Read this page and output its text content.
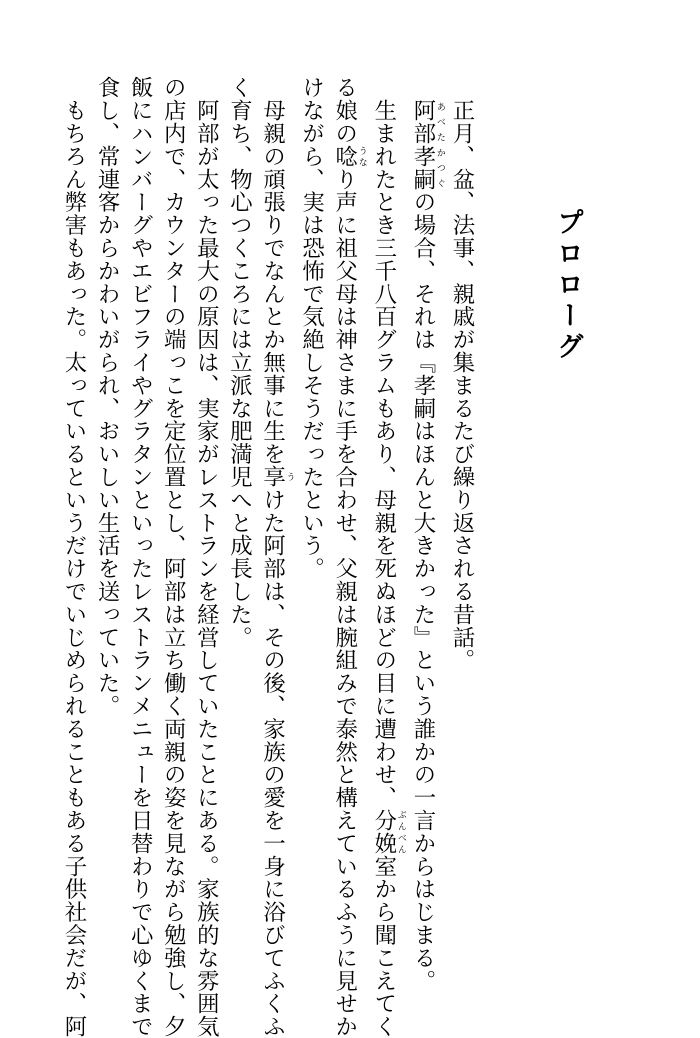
プロローグ

　正月、盆、法事、親戚が集まるたび繰り返される昔話。

　阿部孝嗣 あべたかつぐの場合、それは『孝嗣はほんと大きかった』という誰かの一言からはじまる。

　生まれたとき三千八百グラムもあり、母親を死ぬほどの目に遭わせ、分娩 ぶんべん室から聞こえてく

る娘の唸 うなり声に祖父母は神さまに手を合わせ、父親は腕組みで泰然と構えているふうに見せか

けながら、実は恐怖で気絶しそうだったという。

　母親の頑張りでなんとか無事に生を享 うけた阿部は、その後、家族の愛を一身に浴びてふくふ

く育ち、物心つくころには立派な肥満児へと成長した。

　阿部が太った最大の原因は、実家がレストランを経営していたことにある。家族的な雰囲気

の店内で、カウンターの端っこを定位置とし、阿部は立ち働く両親の姿を見ながら勉強し、夕

飯にハンバーグやエビフライやグラタンといったレストランメニューを日替わりで心ゆくまで

食し、常連客からかわいがられ、おいしい生活を送っていた。

　もちろん弊害もあった。太っているというだけでいじめられることもある子供社会だが、阿
